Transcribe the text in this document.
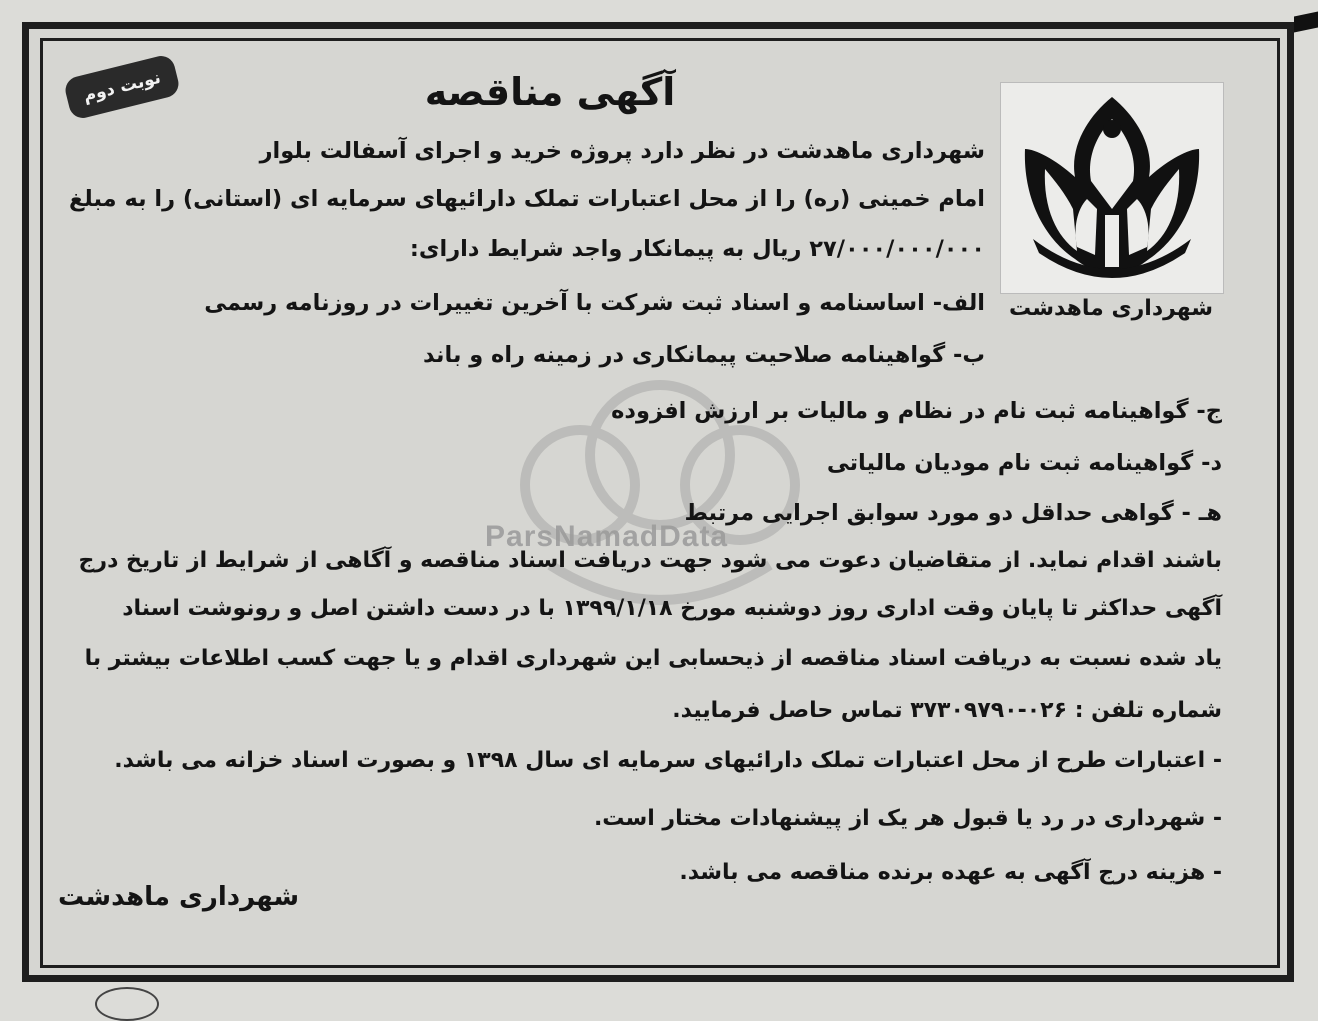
ParsNamadData
نوبت دوم	آگهی مناقصه
شهرداری ماهدشت

شهرداری ماهدشت در نظر دارد پروژه خرید و اجرای آسفالت بلوار

امام خمینی (ره) را از محل اعتبارات تملک دارائیهای سرمایه ای (استانی) را به مبلغ

۲۷/۰۰۰/۰۰۰/۰۰۰ ریال به پیمانکار واجد شرایط دارای:

الف- اساسنامه و اسناد ثبت شرکت با آخرین تغییرات در روزنامه رسمی

ب- گواهینامه صلاحیت پیمانکاری در زمینه راه و باند

ج- گواهینامه ثبت نام در نظام و مالیات بر ارزش افزوده

د- گواهینامه ثبت نام مودیان مالیاتی

هـ - گواهی حداقل دو مورد سوابق اجرایی مرتبط

باشند اقدام نماید. از متقاضیان دعوت می شود جهت دریافت اسناد مناقصه و آگاهی از شرایط از تاریخ درج

آگهی حداکثر تا پایان وقت اداری روز دوشنبه مورخ ۱۳۹۹/۱/۱۸ با در دست داشتن اصل و رونوشت اسناد

یاد شده نسبت به دریافت اسناد مناقصه از ذیحسابی این شهرداری اقدام و یا جهت کسب اطلاعات بیشتر با

شماره تلفن : ۰۲۶-۳۷۳۰۹۷۹۰ تماس حاصل فرمایید.

- اعتبارات طرح از محل اعتبارات تملک دارائیهای سرمایه ای سال ۱۳۹۸ و بصورت اسناد خزانه می باشد.

- شهرداری در رد یا قبول هر یک از پیشنهادات مختار است.

- هزینه درج آگهی به عهده برنده مناقصه می باشد.

شهرداری ماهدشت
